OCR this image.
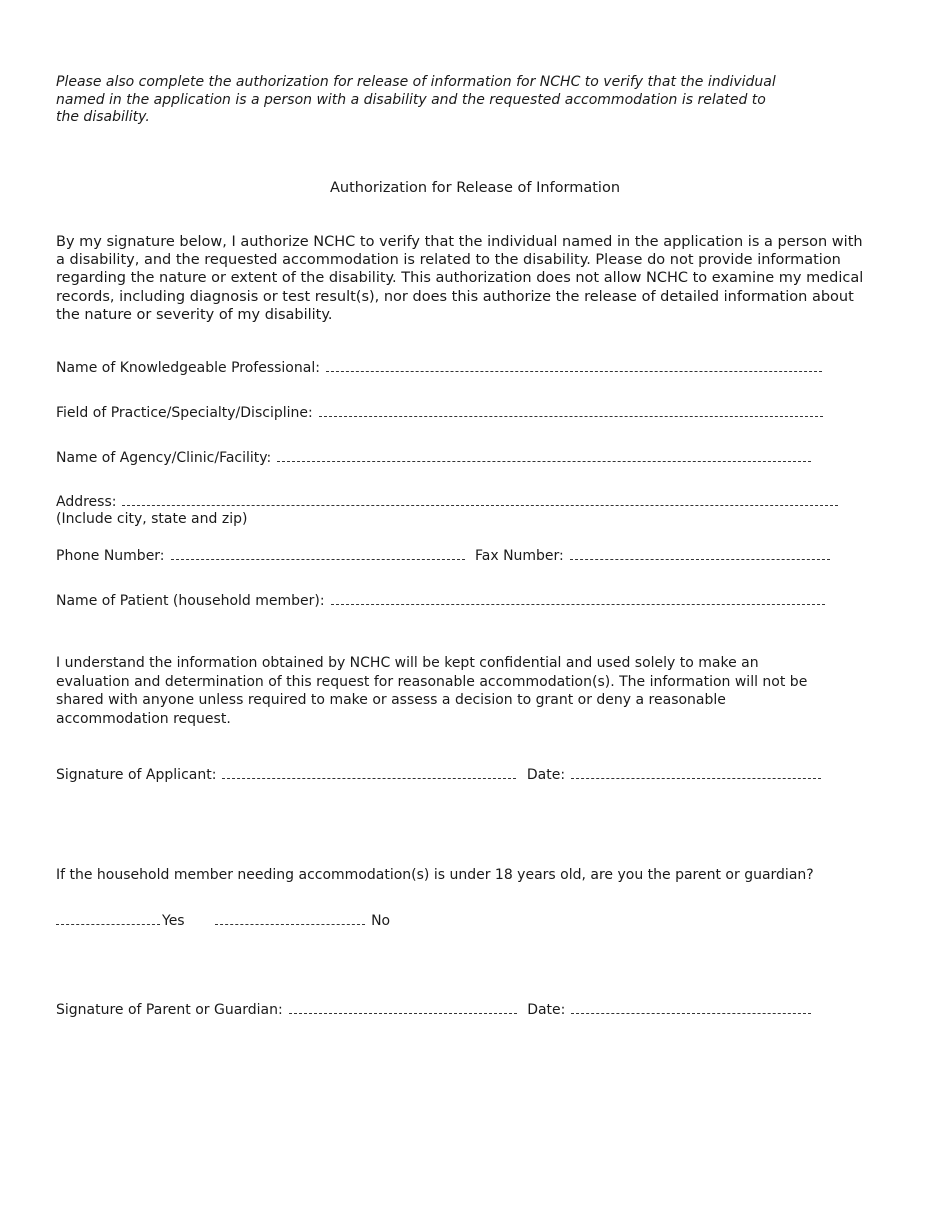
Please also complete the authorization for release of information for NCHC to verify that the individual named in the application is a person with a disability and the requested accommodation is related to the disability.
Authorization for Release of Information
By my signature below, I authorize NCHC to verify that the individual named in the application is a person with a disability, and the requested accommodation is related to the disability. Please do not provide information regarding the nature or extent of the disability. This authorization does not allow NCHC to examine my medical records, including diagnosis or test result(s), nor does this authorize the release of detailed information about the nature or severity of my disability.
Name of Knowledgeable Professional:
Field of Practice/Specialty/Discipline:
Name of Agency/Clinic/Facility:
Address:
(Include city, state and zip)
Phone Number:	Fax Number:
Name of Patient (household member):
I understand the information obtained by NCHC will be kept confidential and used solely to make an evaluation and determination of this request for reasonable accommodation(s). The information will not be shared with anyone unless required to make or assess a decision to grant or deny a reasonable accommodation request.
Signature of Applicant:	Date:
If the household member needing accommodation(s) is under 18 years old, are you the parent or guardian?
Yes	No
Signature of Parent or Guardian:	Date:
